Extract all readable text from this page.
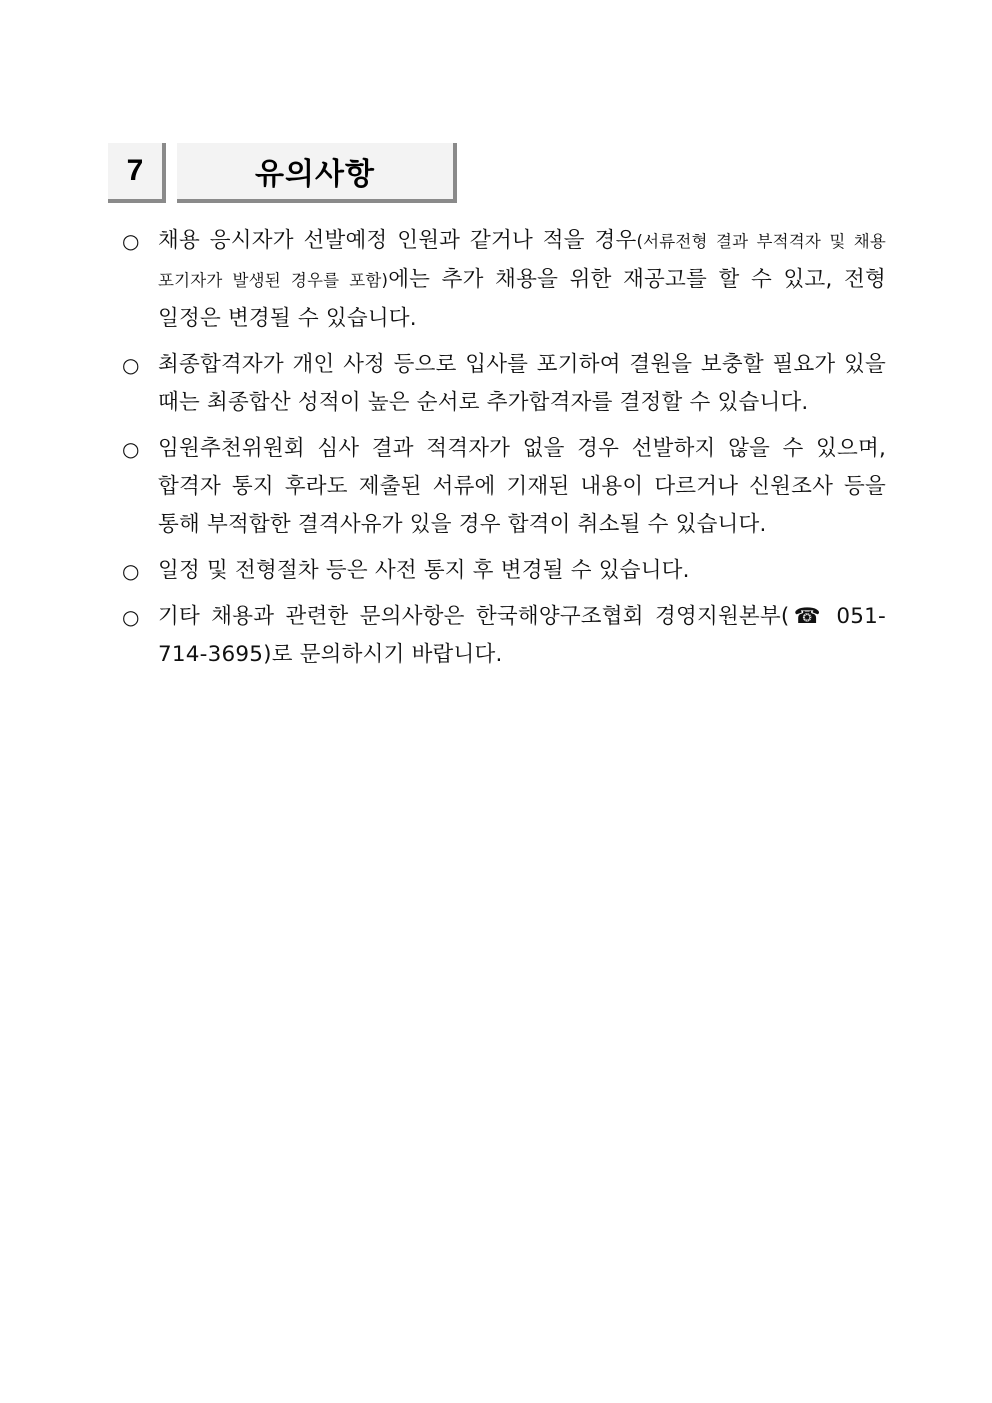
7	유의사항
○ 채용 응시자가 선발예정 인원과 같거나 적을 경우(서류전형 결과 부적격자 및 채용 포기자가 발생된 경우를 포함)에는 추가 채용을 위한 재공고를 할 수 있고, 전형 일정은 변경될 수 있습니다.
○ 최종합격자가 개인 사정 등으로 입사를 포기하여 결원을 보충할 필요가 있을 때는 최종합산 성적이 높은 순서로 추가합격자를 결정할 수 있습니다.
○ 임원추천위원회 심사 결과 적격자가 없을 경우 선발하지 않을 수 있으며, 합격자 통지 후라도 제출된 서류에 기재된 내용이 다르거나 신원조사 등을 통해 부적합한 결격사유가 있을 경우 합격이 취소될 수 있습니다.
○ 일정 및 전형절차 등은 사전 통지 후 변경될 수 있습니다.
○ 기타 채용과 관련한 문의사항은 한국해양구조협회 경영지원본부(☎ 051-714-3695)로 문의하시기 바랍니다.
